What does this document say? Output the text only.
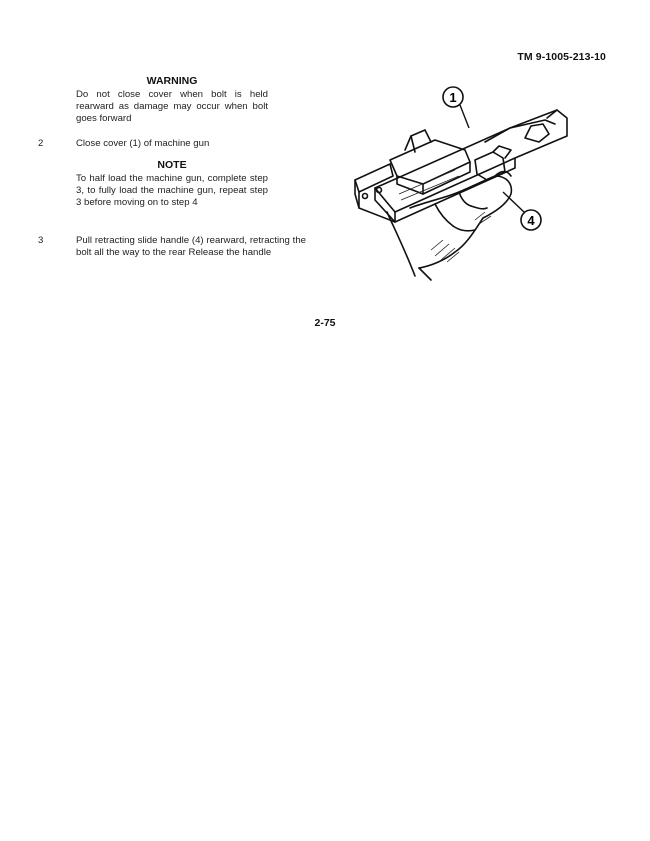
TM 9-1005-213-10
WARNING
Do not close cover when bolt is held rearward as damage may occur when bolt goes forward
2	Close cover (1) of machine gun
NOTE
To half load the machine gun, complete step 3, to fully load the machine gun, repeat step 3 before moving on to step 4
3	Pull retracting slide handle (4) rearward, retracting the bolt all the way to the rear Release the handle
1
4
2-75
